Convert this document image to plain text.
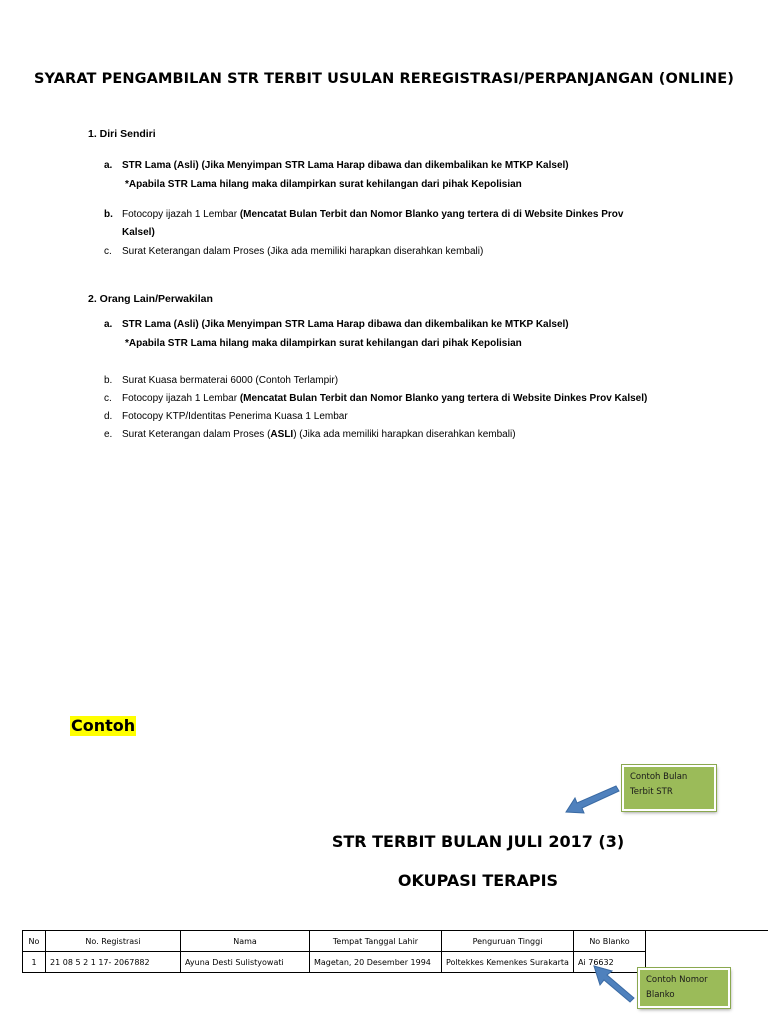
SYARAT PENGAMBILAN STR TERBIT USULAN REREGISTRASI/PERPANJANGAN (ONLINE)
1. Diri Sendiri
a. STR Lama (Asli) (Jika Menyimpan STR Lama Harap dibawa dan dikembalikan ke MTKP Kalsel)
*Apabila STR Lama hilang maka dilampirkan surat kehilangan dari pihak Kepolisian
b. Fotocopy ijazah 1 Lembar (Mencatat Bulan Terbit dan Nomor Blanko yang tertera di di Website Dinkes Prov
Kalsel)
c. Surat Keterangan dalam Proses (Jika ada memiliki harapkan diserahkan kembali)
2. Orang Lain/Perwakilan
a. STR Lama (Asli) (Jika Menyimpan STR Lama Harap dibawa dan dikembalikan ke MTKP Kalsel)
*Apabila STR Lama hilang maka dilampirkan surat kehilangan dari pihak Kepolisian
b. Surat Kuasa bermaterai 6000 (Contoh Terlampir)
c. Fotocopy ijazah 1 Lembar (Mencatat Bulan Terbit dan Nomor Blanko yang tertera di Website Dinkes Prov Kalsel)
d. Fotocopy KTP/Identitas Penerima Kuasa 1 Lembar
e. Surat Keterangan dalam Proses (ASLI) (Jika ada memiliki harapkan diserahkan kembali)
Contoh
Contoh Bulan Terbit STR
STR TERBIT BULAN JULI 2017 (3)
OKUPASI TERAPIS
No	No. Registrasi	Nama	Tempat Tanggal Lahir	Penguruan Tinggi	No Blanko
1	21 08 5 2 1 17- 2067882	Ayuna Desti Sulistyowati	Magetan, 20 Desember 1994	Poltekkes Kemenkes Surakarta	Ai 76632
Contoh Nomor Blanko
